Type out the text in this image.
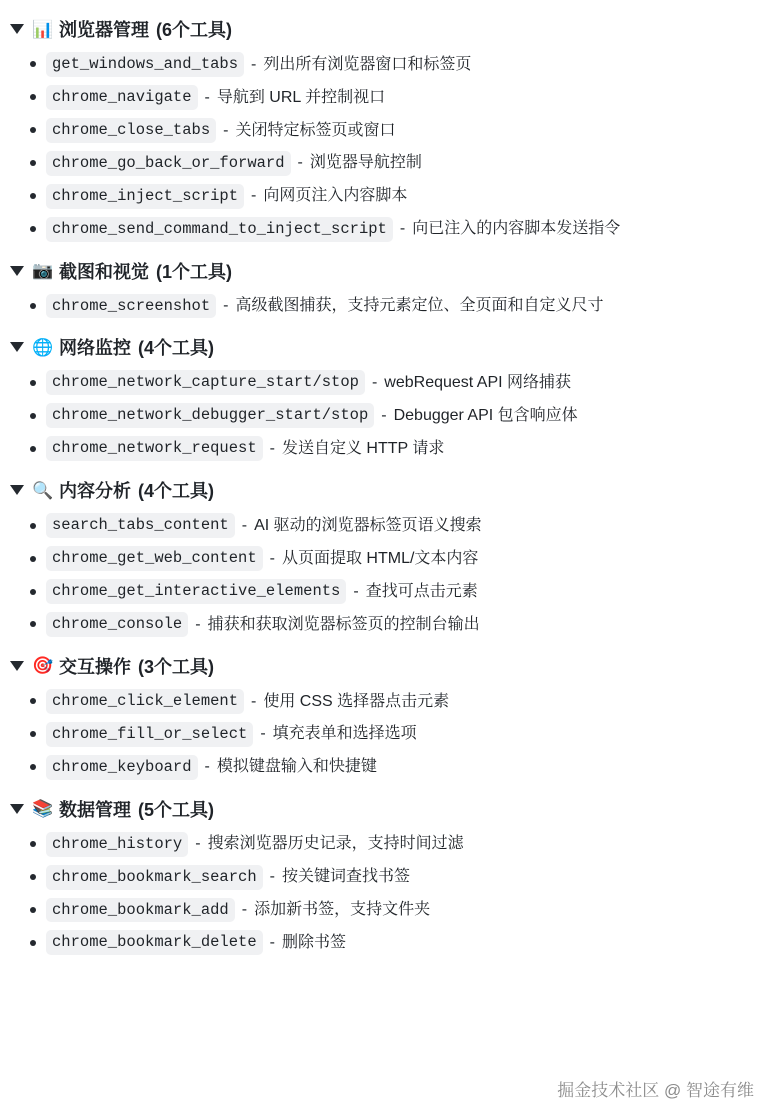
📊 浏览器管理 (6个工具)
get_windows_and_tabs - 列出所有浏览器窗口和标签页
chrome_navigate - 导航到 URL 并控制视口
chrome_close_tabs - 关闭特定标签页或窗口
chrome_go_back_or_forward - 浏览器导航控制
chrome_inject_script - 向网页注入内容脚本
chrome_send_command_to_inject_script - 向已注入的内容脚本发送指令
📷 截图和视觉 (1个工具)
chrome_screenshot - 高级截图捕获，支持元素定位、全页面和自定义尺寸
🌐 网络监控 (4个工具)
chrome_network_capture_start/stop - webRequest API 网络捕获
chrome_network_debugger_start/stop - Debugger API 包含响应体
chrome_network_request - 发送自定义 HTTP 请求
🔍 内容分析 (4个工具)
search_tabs_content - AI 驱动的浏览器标签页语义搜索
chrome_get_web_content - 从页面提取 HTML/文本内容
chrome_get_interactive_elements - 查找可点击元素
chrome_console - 捕获和获取浏览器标签页的控制台输出
🎯 交互操作 (3个工具)
chrome_click_element - 使用 CSS 选择器点击元素
chrome_fill_or_select - 填充表单和选择选项
chrome_keyboard - 模拟键盘输入和快捷键
📚 数据管理 (5个工具)
chrome_history - 搜索浏览器历史记录，支持时间过滤
chrome_bookmark_search - 按关键词查找书签
chrome_bookmark_add - 添加新书签，支持文件夹
chrome_bookmark_delete - 删除书签
掘金技术社区 @ 智途有维
